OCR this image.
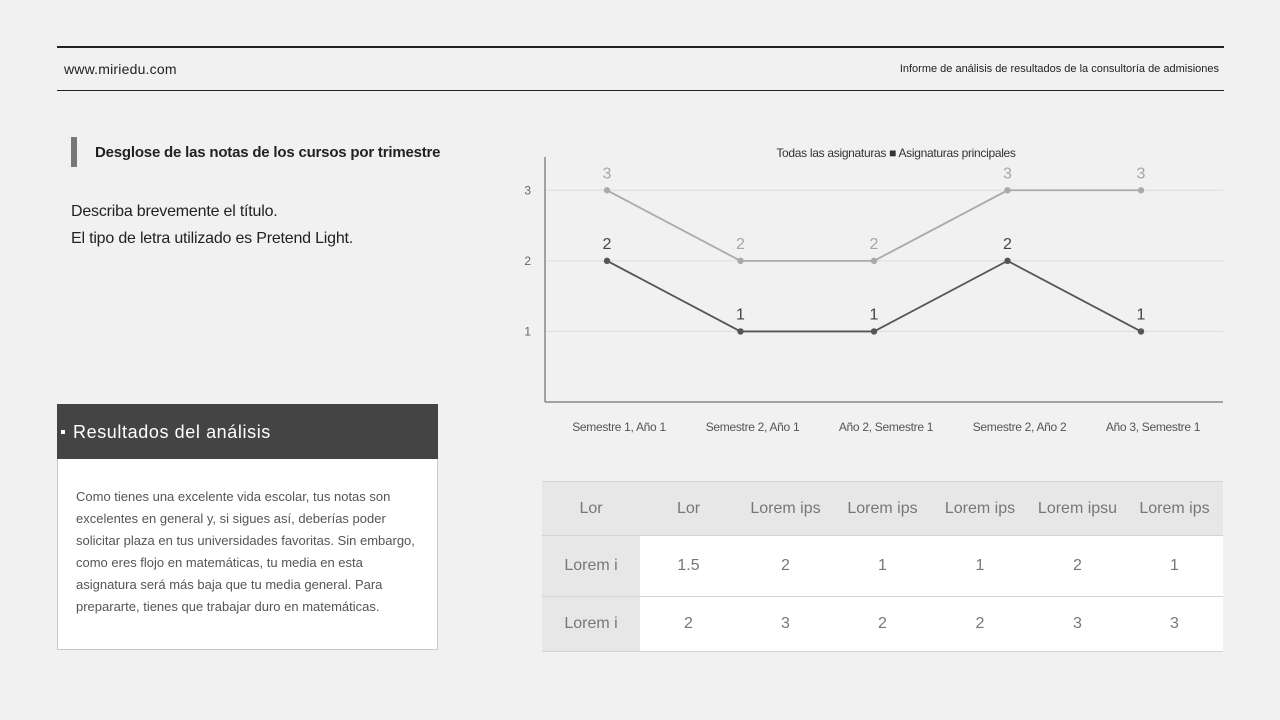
www.miriedu.com	Informe de análisis de resultados de la consultoría de admisiones
Desglose de las notas de los cursos por trimestre
Describa brevemente el título.
El tipo de letra utilizado es Pretend Light.
Resultados del análisis
Como tienes una excelente vida escolar, tus notas son excelentes en general y, si sigues así, deberías poder solicitar plaza en tus universidades favoritas. Sin embargo, como eres flojo en matemáticas, tu media en esta asignatura será más baja que tu media general. Para prepararte, tienes que trabajar duro en matemáticas.
1
2
3
Semestre 1, Año 1	Semestre 2, Año 1	Año 2, Semestre 1	Semestre 2, Año 2	Año 3, Semestre 1
Todas las asignaturas ■ Asignaturas principales
3
2	2
3	3
2
1	1
2
1
Lor	Lor	Lorem ips	Lorem ips	Lorem ips	Lorem ipsu	Lorem ips
Lorem i	1.5	2	1	1	2	1
Lorem i	2	3	2	2	3	3
